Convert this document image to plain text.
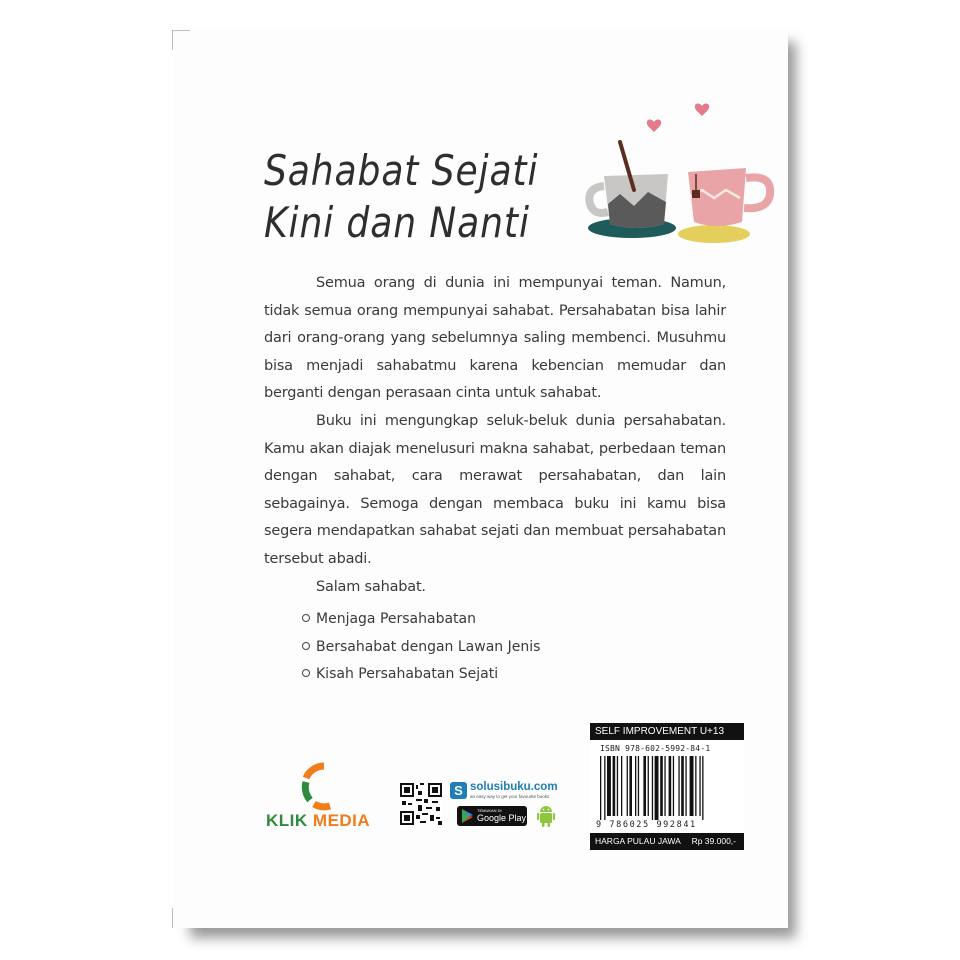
Sahabat Sejati
Kini dan Nanti

Semua orang di dunia ini mempunyai teman. Namun, tidak semua orang mempunyai sahabat. Persahabatan bisa lahir dari orang-orang yang sebelumnya saling membenci. Musuhmu bisa menjadi sahabatmu karena kebencian memudar dan berganti dengan perasaan cinta untuk sahabat.

Buku ini mengungkap seluk-beluk dunia persahabatan. Kamu akan diajak menelusuri makna sahabat, perbedaan teman dengan sahabat, cara merawat persahabatan, dan lain sebagainya. Semoga dengan membaca buku ini kamu bisa segera mendapatkan sahabat sejati dan membuat persahabatan tersebut abadi.

Salam sahabat.

Menjaga Persahabatan
Bersahabat dengan Lawan Jenis
Kisah Persahabatan Sejati
KLIK MEDIA
S solusibuku.com
an easy way to get your favourite books
TEMUKAN DI
Google Play
SELF IMPROVEMENT U+13
ISBN 978-602-5992-84-1
9 786025 992841
HARGA PULAU JAWA Rp 39.000,-
